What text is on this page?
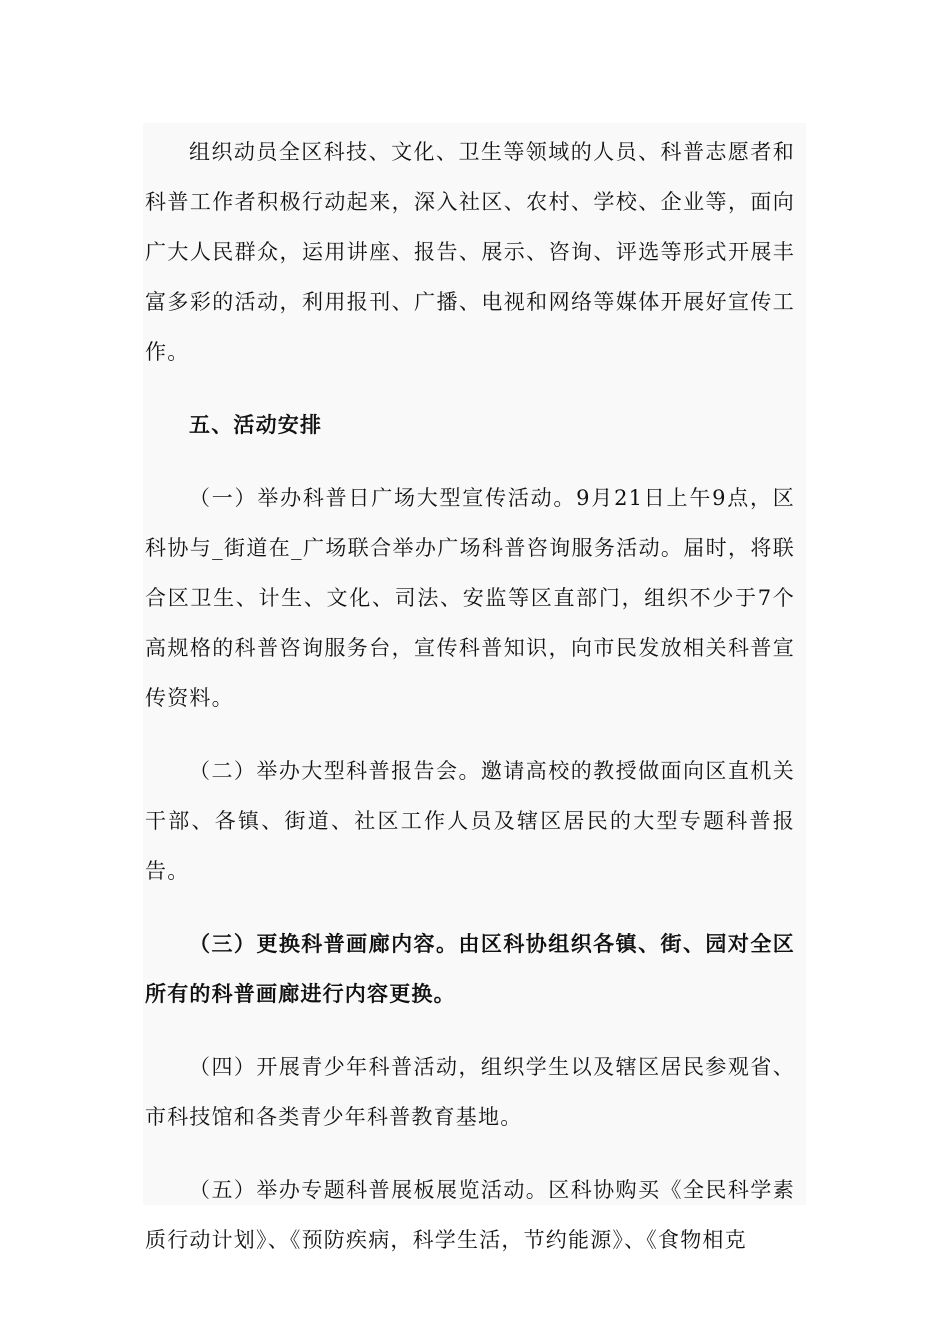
组织动员全区科技、文化、卫生等领域的人员、科普志愿者和科普工作者积极行动起来，深入社区、农村、学校、企业等，面向广大人民群众，运用讲座、报告、展示、咨询、评选等形式开展丰富多彩的活动，利用报刊、广播、电视和网络等媒体开展好宣传工作。

五、活动安排

（一）举办科普日广场大型宣传活动。9月21日上午9点，区科协与_街道在_广场联合举办广场科普咨询服务活动。届时，将联合区卫生、计生、文化、司法、安监等区直部门，组织不少于7个高规格的科普咨询服务台，宣传科普知识，向市民发放相关科普宣传资料。

（二）举办大型科普报告会。邀请高校的教授做面向区直机关干部、各镇、街道、社区工作人员及辖区居民的大型专题科普报告。

（三）更换科普画廊内容。由区科协组织各镇、街、园对全区所有的科普画廊进行内容更换。

（四）开展青少年科普活动，组织学生以及辖区居民参观省、市科技馆和各类青少年科普教育基地。

（五）举办专题科普展板展览活动。区科协购买《全民科学素质行动计划》、《预防疾病，科学生活，节约能源》、《食物相克
